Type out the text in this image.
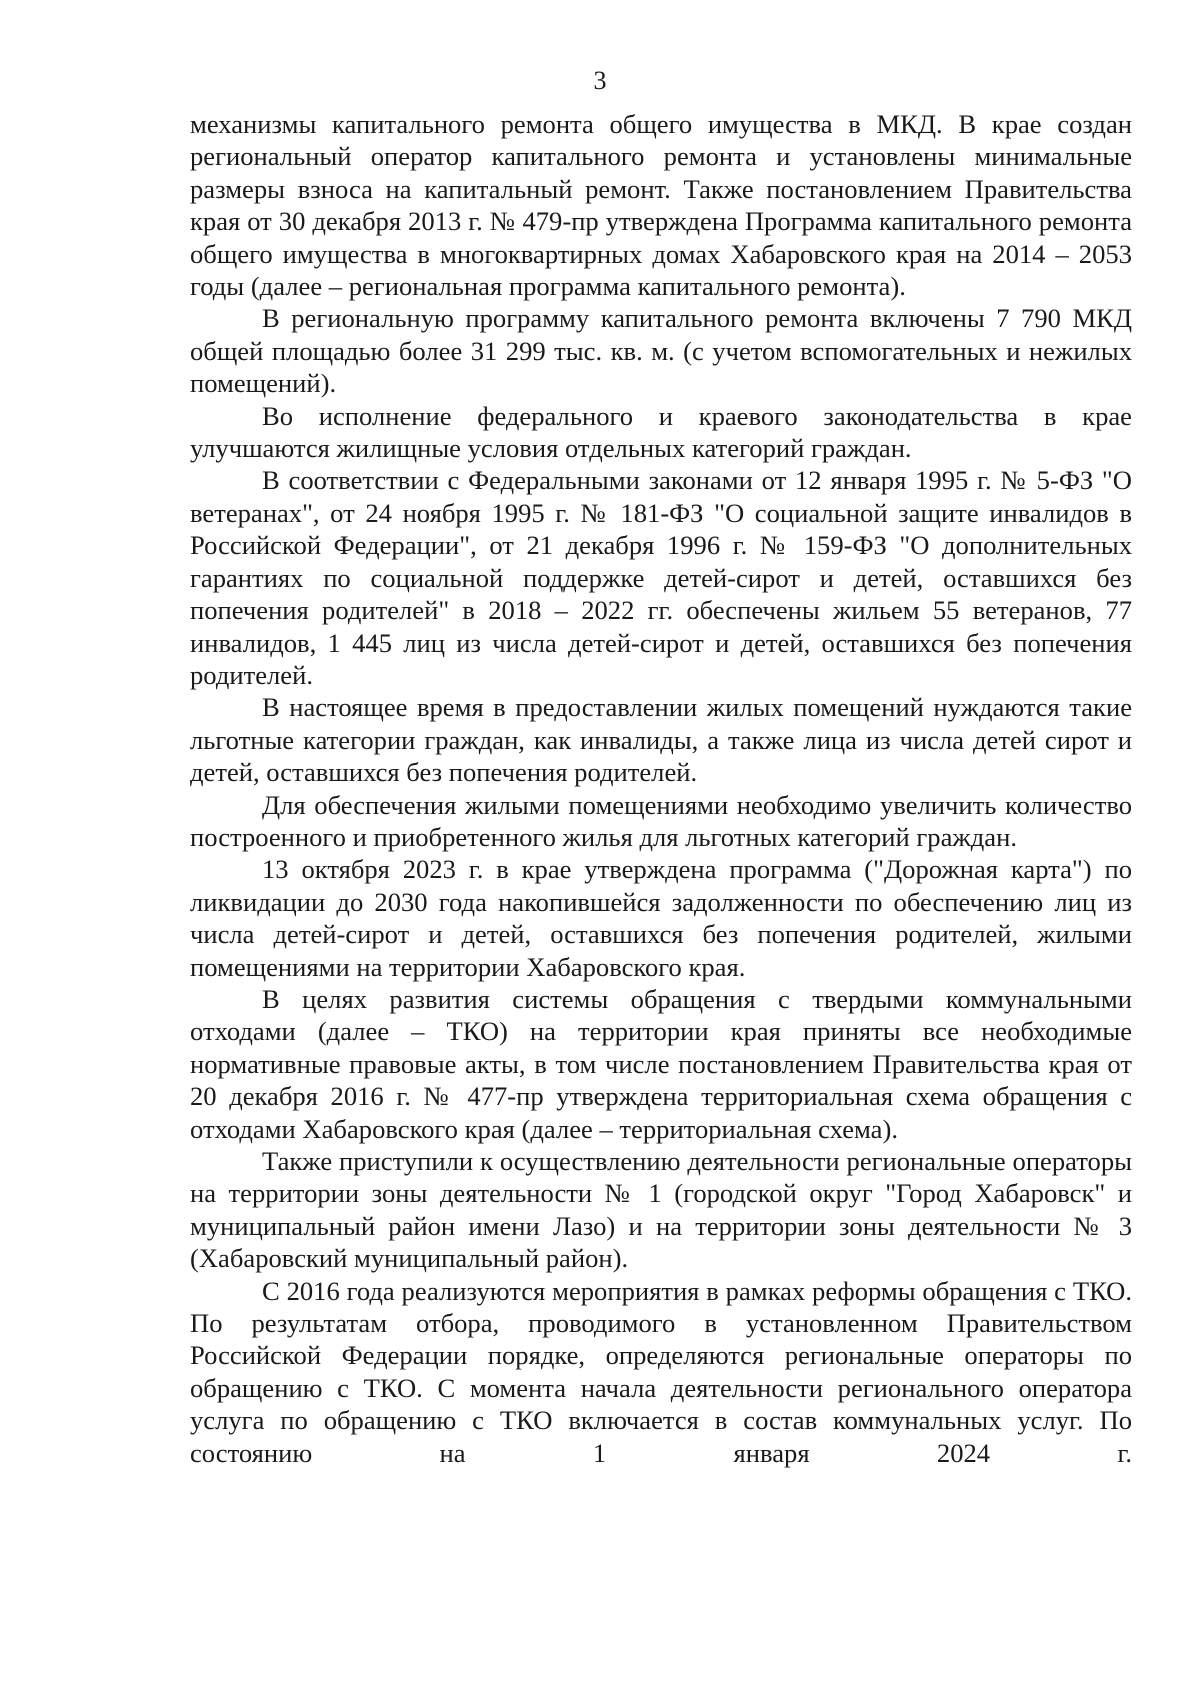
3

механизмы капитального ремонта общего имущества в МКД. В крае создан региональный оператор капитального ремонта и установлены минимальные размеры взноса на капитальный ремонт. Также постановлением Правительства края от 30 декабря 2013 г. № 479-пр утверждена Программа капитального ремонта общего имущества в многоквартирных домах Хабаровского края на 2014 – 2053 годы (далее – региональная программа капитального ремонта).

В региональную программу капитального ремонта включены 7 790 МКД общей площадью более 31 299 тыс. кв. м. (с учетом вспомогательных и нежилых помещений).

Во исполнение федерального и краевого законодательства в крае улучшаются жилищные условия отдельных категорий граждан.

В соответствии с Федеральными законами от 12 января 1995 г. № 5-ФЗ "О ветеранах", от 24 ноября 1995 г. № 181-ФЗ "О социальной защите инвалидов в Российской Федерации", от 21 декабря 1996 г. № 159-ФЗ "О дополнительных гарантиях по социальной поддержке детей-сирот и детей, оставшихся без попечения родителей" в 2018 – 2022 гг. обеспечены жильем 55 ветеранов, 77 инвалидов, 1 445 лиц из числа детей-сирот и детей, оставшихся без попечения родителей.

В настоящее время в предоставлении жилых помещений нуждаются такие льготные категории граждан, как инвалиды, а также лица из числа детей сирот и детей, оставшихся без попечения родителей.

Для обеспечения жилыми помещениями необходимо увеличить количество построенного и приобретенного жилья для льготных категорий граждан.

13 октября 2023 г. в крае утверждена программа ("Дорожная карта") по ликвидации до 2030 года накопившейся задолженности по обеспечению лиц из числа детей-сирот и детей, оставшихся без попечения родителей, жилыми помещениями на территории Хабаровского края.

В целях развития системы обращения с твердыми коммунальными отходами (далее – ТКО) на территории края приняты все необходимые нормативные правовые акты, в том числе постановлением Правительства края от 20 декабря 2016 г. № 477-пр утверждена территориальная схема обращения с отходами Хабаровского края (далее – территориальная схема).

Также приступили к осуществлению деятельности региональные операторы на территории зоны деятельности № 1 (городской округ "Город Хабаровск" и муниципальный район имени Лазо) и на территории зоны деятельности № 3 (Хабаровский муниципальный район).

С 2016 года реализуются мероприятия в рамках реформы обращения с ТКО. По результатам отбора, проводимого в установленном Правительством Российской Федерации порядке, определяются региональные операторы по обращению с ТКО. С момента начала деятельности регионального оператора услуга по обращению с ТКО включается в состав коммунальных услуг. По состоянию на 1 января 2024 г.
